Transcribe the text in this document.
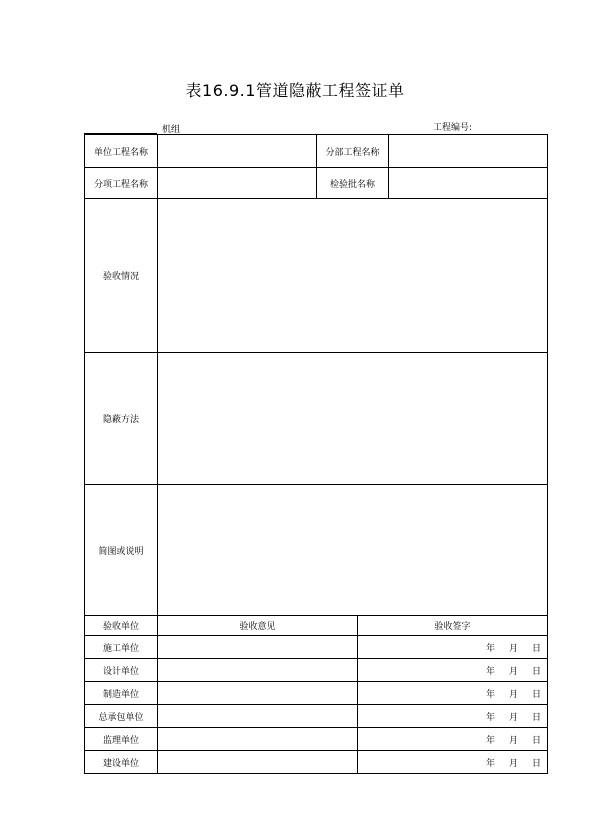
表16.9.1管道隐蔽工程签证单
机组	工程编号:
单位工程名称		分部工程名称		
分项工程名称		检验批名称		
验收情况				
隐蔽方法				
简图或说明				
验收单位	验收意见		验收签字	
施工单位			年 月 日	
设计单位			年 月 日	
制造单位			年 月 日	
总承包单位			年 月 日	
监理单位			年 月 日	
建设单位			年 月 日	
